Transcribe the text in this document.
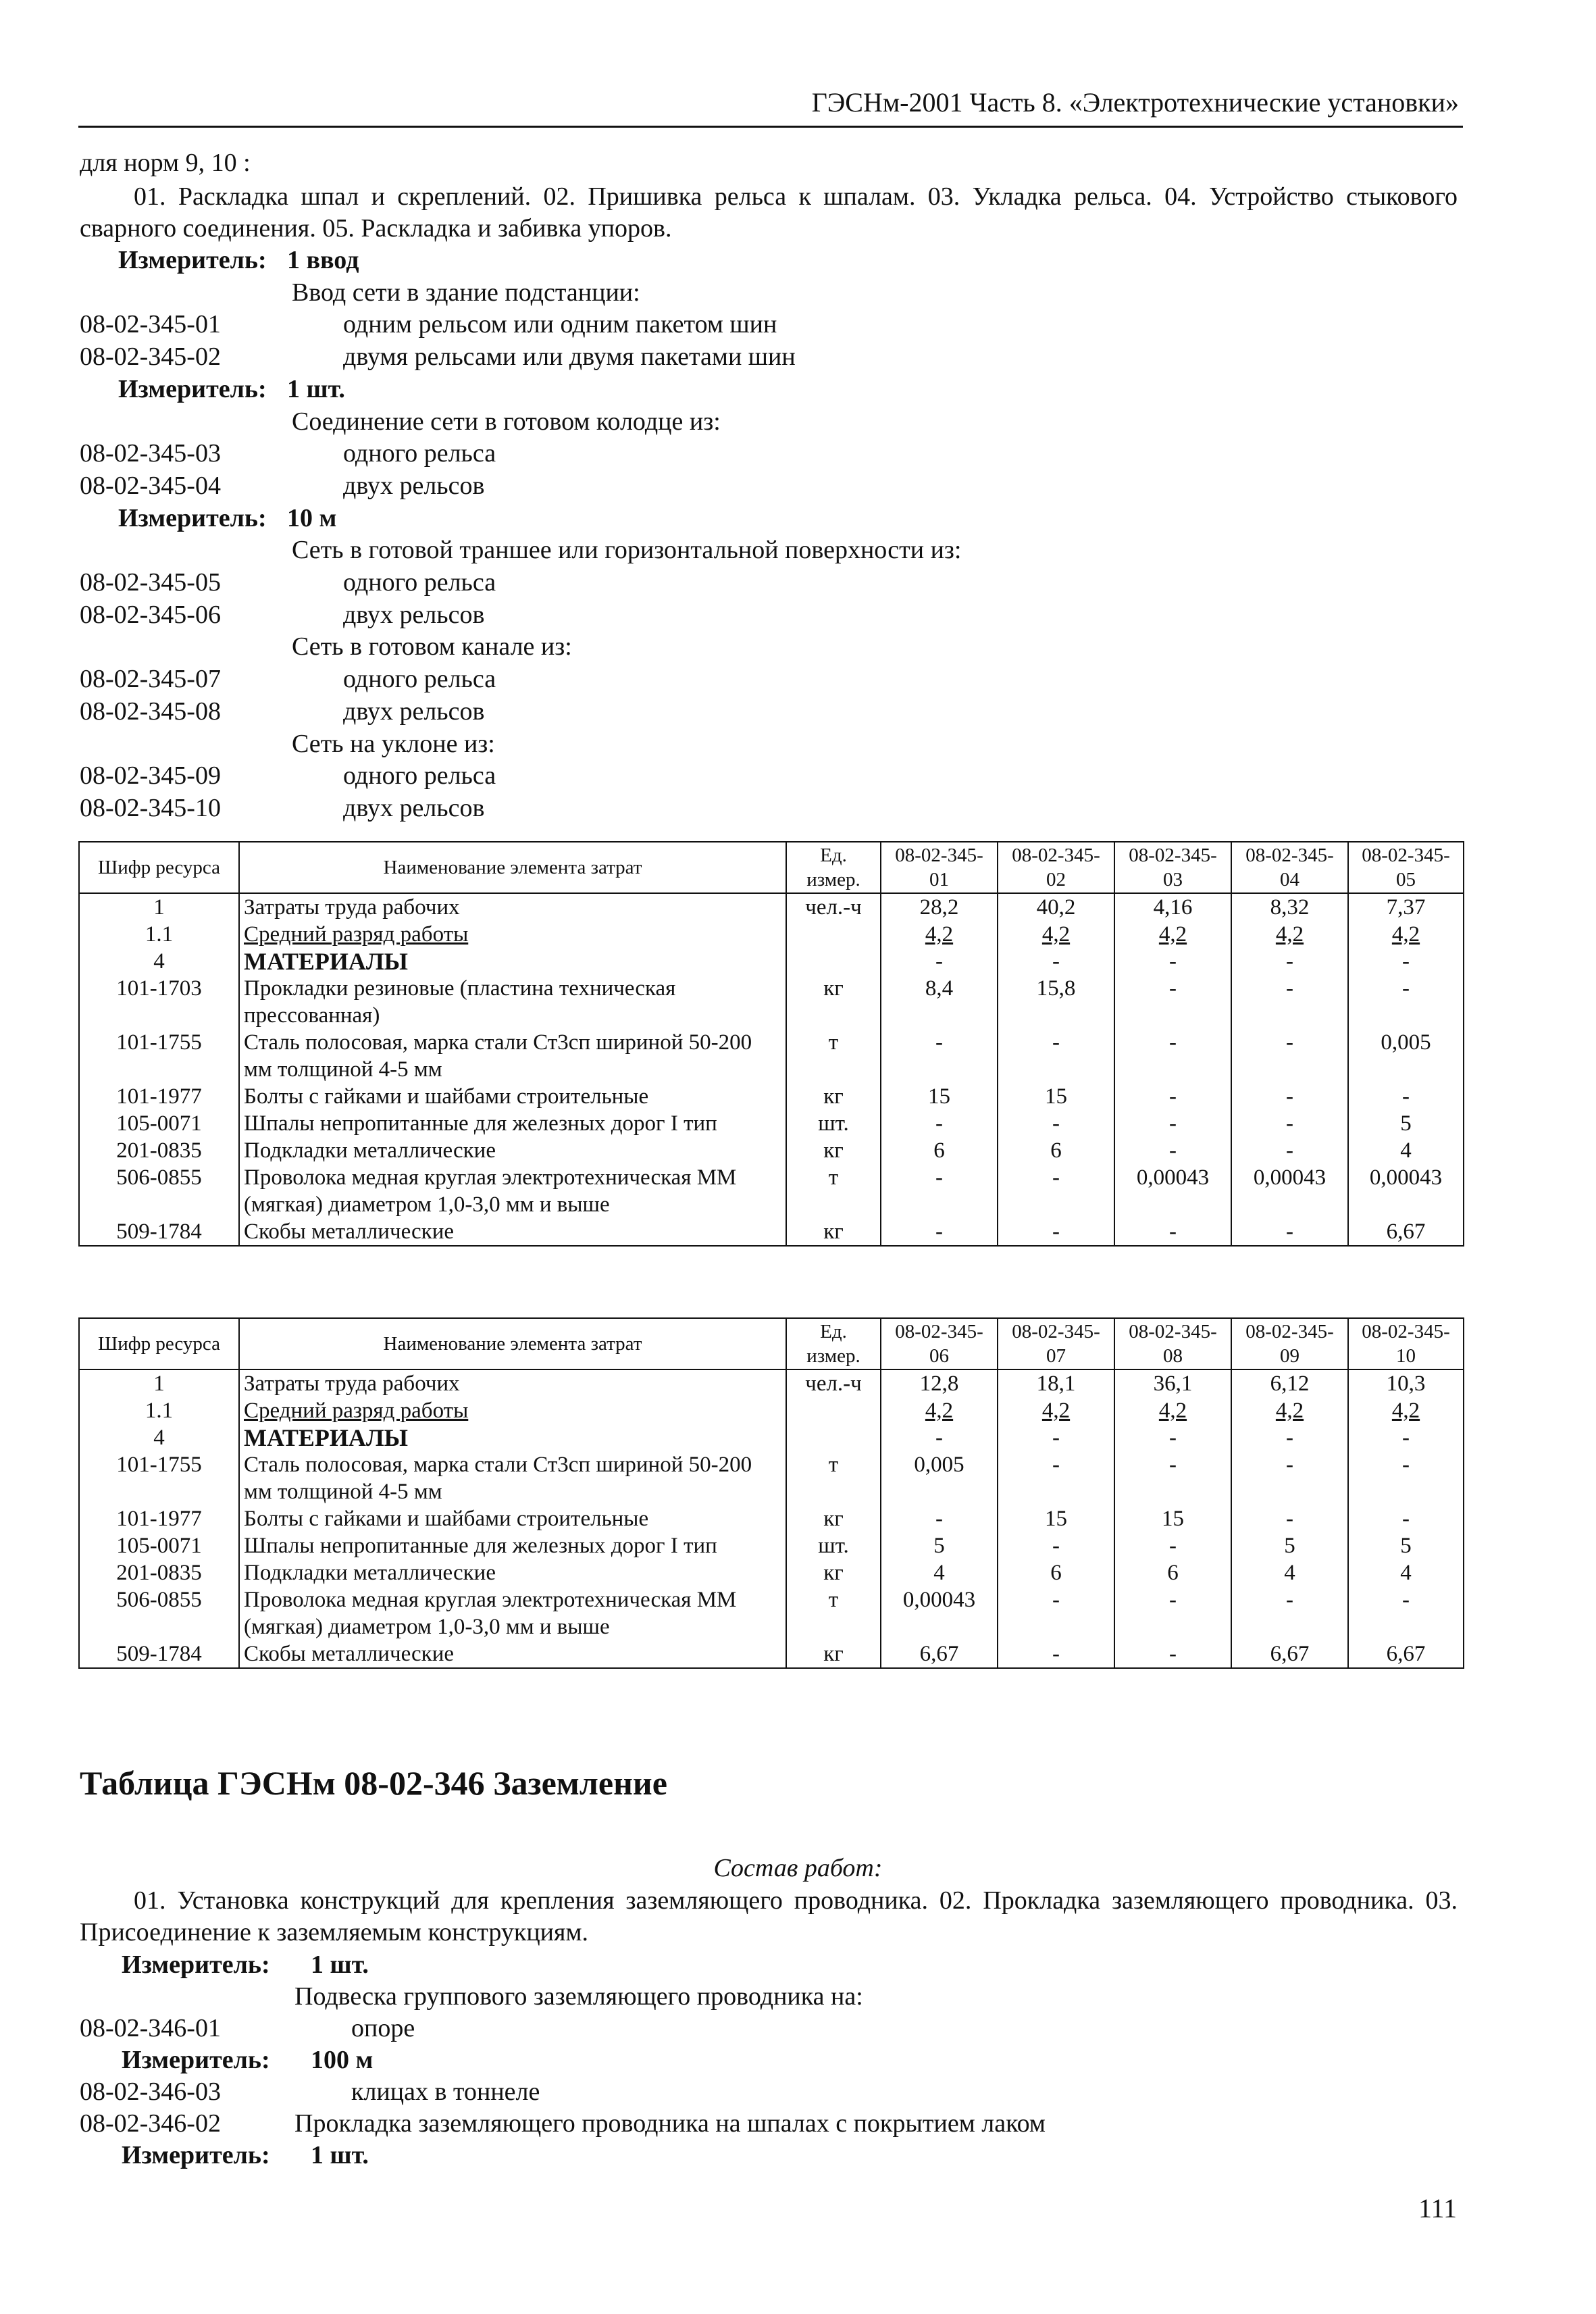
ГЭСНм-2001 Часть 8. «Электротехнические установки»
для норм 9, 10 :
01. Раскладка шпал и скреплений. 02. Пришивка рельса к шпалам. 03. Укладка рельса. 04. Устройство стыкового сварного соединения. 05. Раскладка и забивка упоров.
Измеритель: 1 ввод
Ввод сети в здание подстанции:
08-02-345-01	одним рельсом или одним пакетом шин
08-02-345-02	двумя рельсами или двумя пакетами шин
Измеритель: 1 шт.
Соединение сети в готовом колодце из:
08-02-345-03	одного рельса
08-02-345-04	двух рельсов
Измеритель: 10 м
Сеть в готовой траншее или горизонтальной поверхности из:
08-02-345-05	одного рельса
08-02-345-06	двух рельсов
Сеть в готовом канале из:
08-02-345-07	одного рельса
08-02-345-08	двух рельсов
Сеть на уклоне из:
08-02-345-09	одного рельса
08-02-345-10	двух рельсов
Шифр ресурса	Наименование элемента затрат	Ед. измер.	08-02-345-01	08-02-345-02	08-02-345-03	08-02-345-04	08-02-345-05
1	Затраты труда рабочих	чел.-ч	28,2	40,2	4,16	8,32	7,37
1.1	Средний разряд работы		4,2	4,2	4,2	4,2	4,2
4	МАТЕРИАЛЫ		-	-	-	-	-
101-1703	Прокладки резиновые (пластина техническая прессованная)	кг	8,4	15,8	-	-	-
101-1755	Сталь полосовая, марка стали Ст3сп шириной 50-200 мм толщиной 4-5 мм	т	-	-	-	-	0,005
101-1977	Болты с гайками и шайбами строительные	кг	15	15	-	-	-
105-0071	Шпалы непропитанные для железных дорог I тип	шт.	-	-	-	-	5
201-0835	Подкладки металлические	кг	6	6	-	-	4
506-0855	Проволока медная круглая электротехническая ММ (мягкая) диаметром 1,0-3,0 мм и выше	т	-	-	0,00043	0,00043	0,00043
509-1784	Скобы металлические	кг	-	-	-	-	6,67
Шифр ресурса	Наименование элемента затрат	Ед. измер.	08-02-345-06	08-02-345-07	08-02-345-08	08-02-345-09	08-02-345-10
1	Затраты труда рабочих	чел.-ч	12,8	18,1	36,1	6,12	10,3
1.1	Средний разряд работы		4,2	4,2	4,2	4,2	4,2
4	МАТЕРИАЛЫ		-	-	-	-	-
101-1755	Сталь полосовая, марка стали Ст3сп шириной 50-200 мм толщиной 4-5 мм	т	0,005	-	-	-	-
101-1977	Болты с гайками и шайбами строительные	кг	-	15	15	-	-
105-0071	Шпалы непропитанные для железных дорог I тип	шт.	5	-	-	5	5
201-0835	Подкладки металлические	кг	4	6	6	4	4
506-0855	Проволока медная круглая электротехническая ММ (мягкая) диаметром 1,0-3,0 мм и выше	т	0,00043	-	-	-	-
509-1784	Скобы металлические	кг	6,67	-	-	6,67	6,67
Таблица ГЭСНм 08-02-346 Заземление
Состав работ:
01. Установка конструкций для крепления заземляющего проводника. 02. Прокладка заземляющего проводника. 03. Присоединение к заземляемым конструкциям.
Измеритель: 1 шт.
Подвеска группового заземляющего проводника на:
08-02-346-01	опоре
Измеритель: 100 м
08-02-346-03	клицах в тоннеле
08-02-346-02	Прокладка заземляющего проводника на шпалах с покрытием лаком
Измеритель: 1 шт.
111
